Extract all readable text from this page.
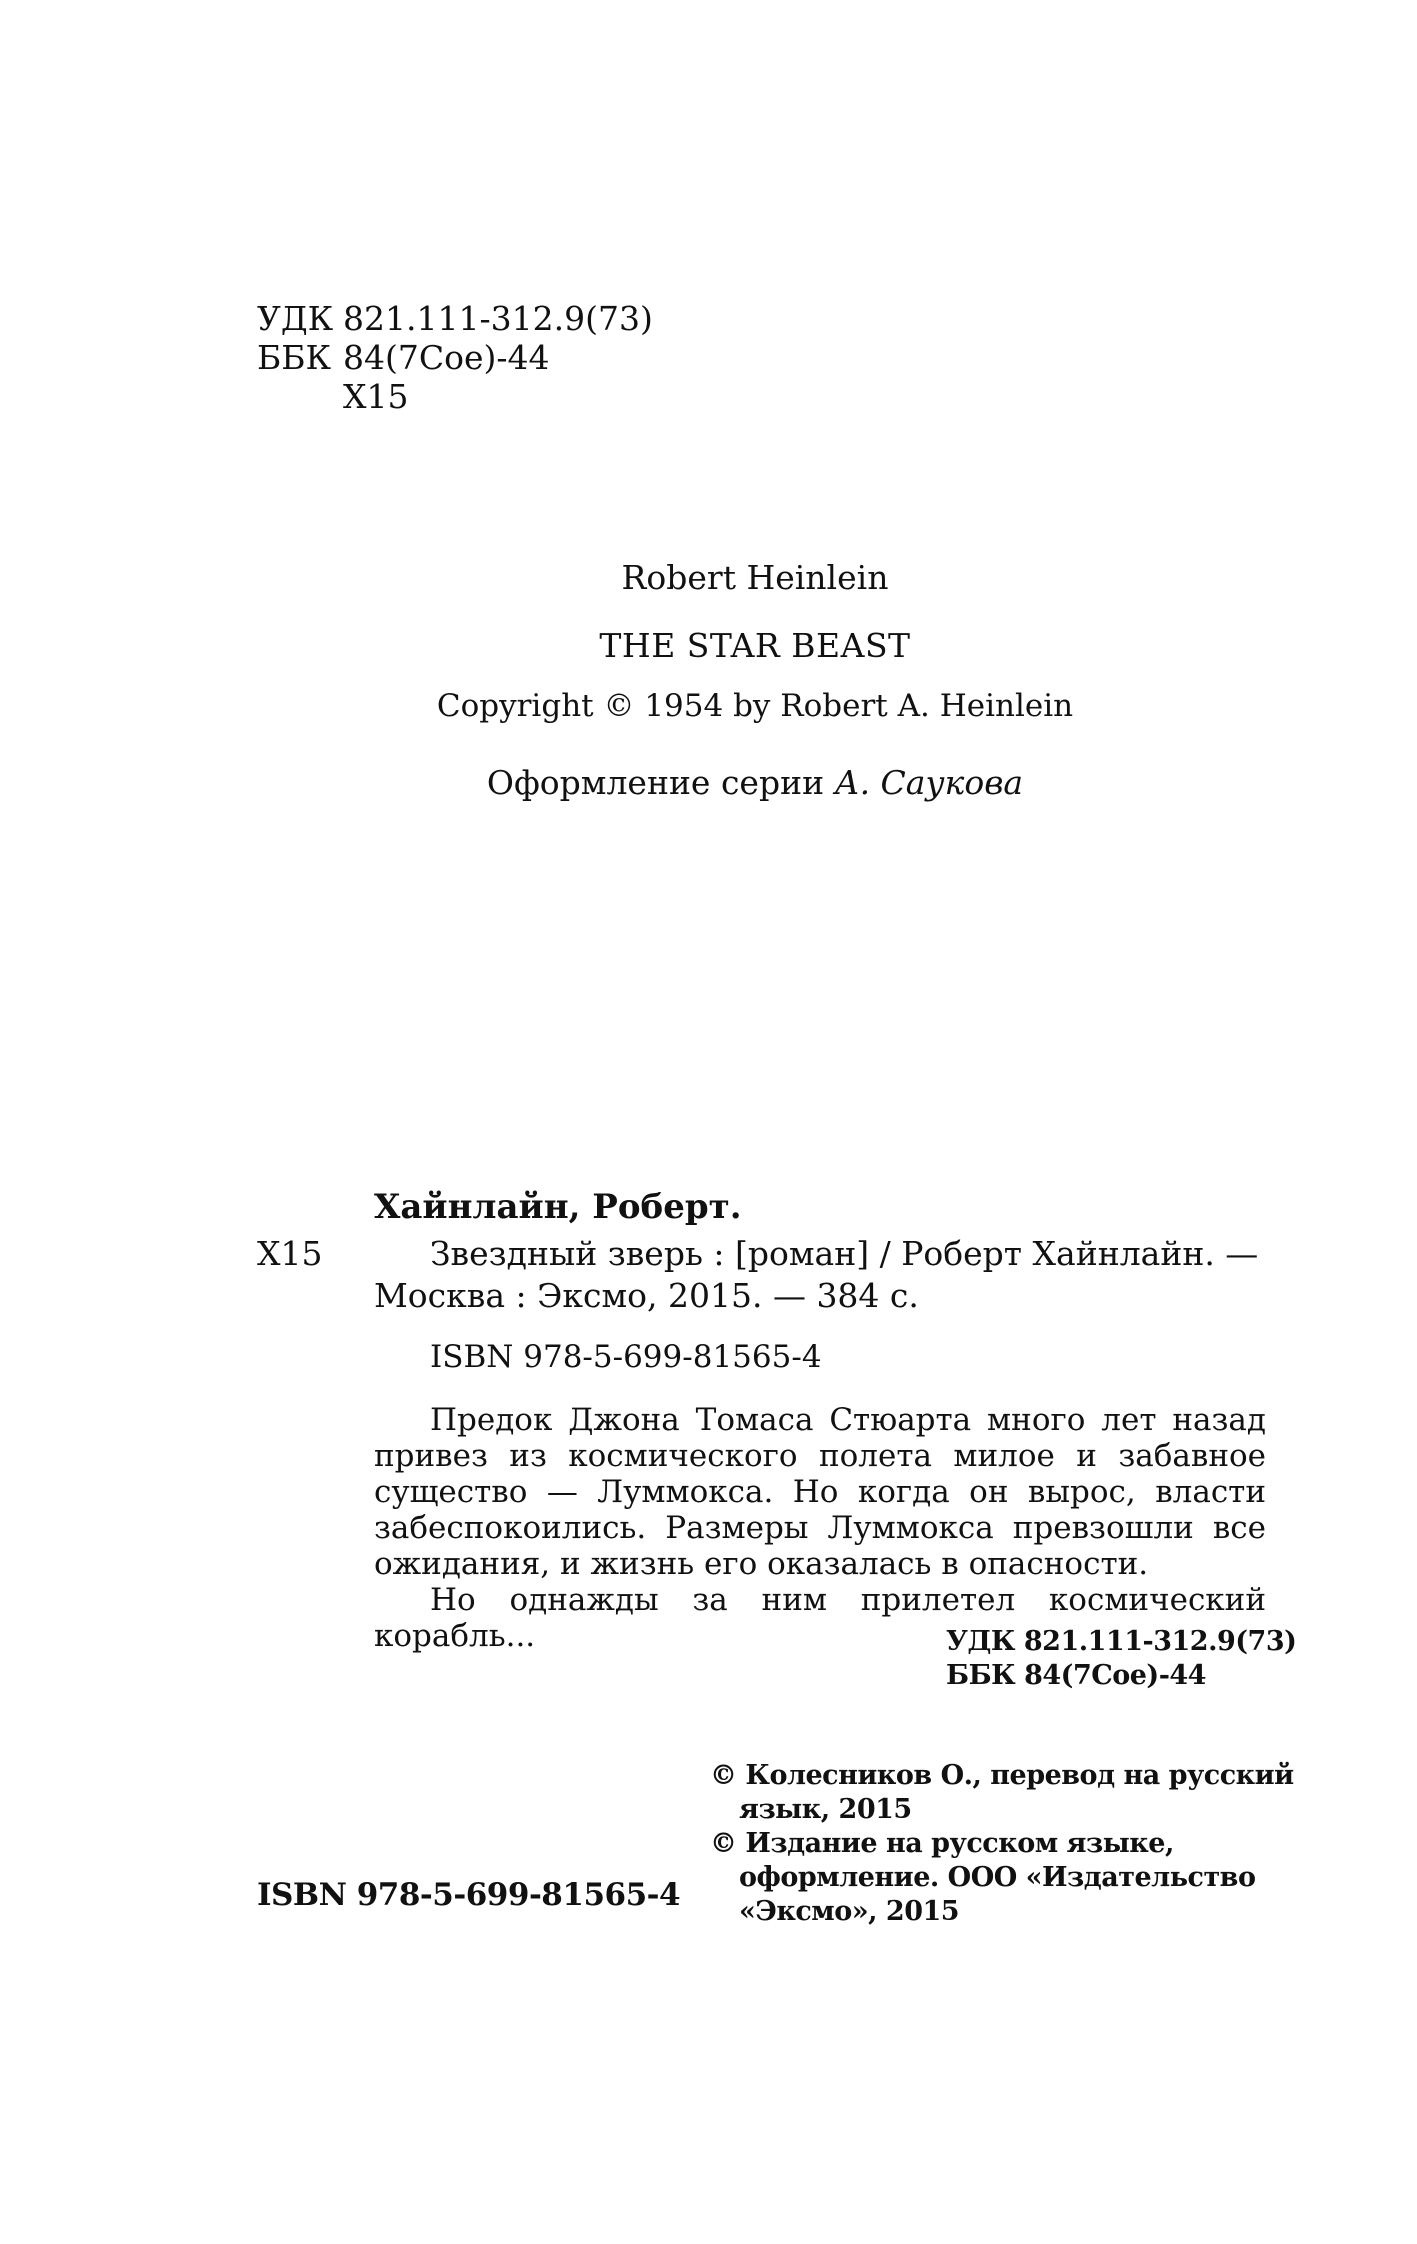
УДК 821.111-312.9(73)
ББК 84(7Сое)-44
Х15
Robert Heinlein
THE STAR BEAST
Copyright © 1954 by Robert A. Heinlein
Оформление серии А. Саукова
Хайнлайн, Роберт.
Х15	Звездный зверь : [роман] / Роберт Хайнлайн. —
Москва : Эксмо, 2015. — 384 с.
ISBN 978-5-699-81565-4

Предок Джона Томаса Стюарта много лет назад привез из космического полета милое и забавное существо — Луммокса. Но когда он вырос, власти забеспокоились. Размеры Луммокса превзошли все ожидания, и жизнь его оказалась в опасности.

Но однажды за ним прилетел космический корабль...	УДК 821.111-312.9(73)
ББК 84(7Сое)-44
ISBN 978-5-699-81565-4
© Колесников О., перевод на русский
язык, 2015
© Издание на русском языке,
оформление. ООО «Издательство
«Эксмо», 2015
